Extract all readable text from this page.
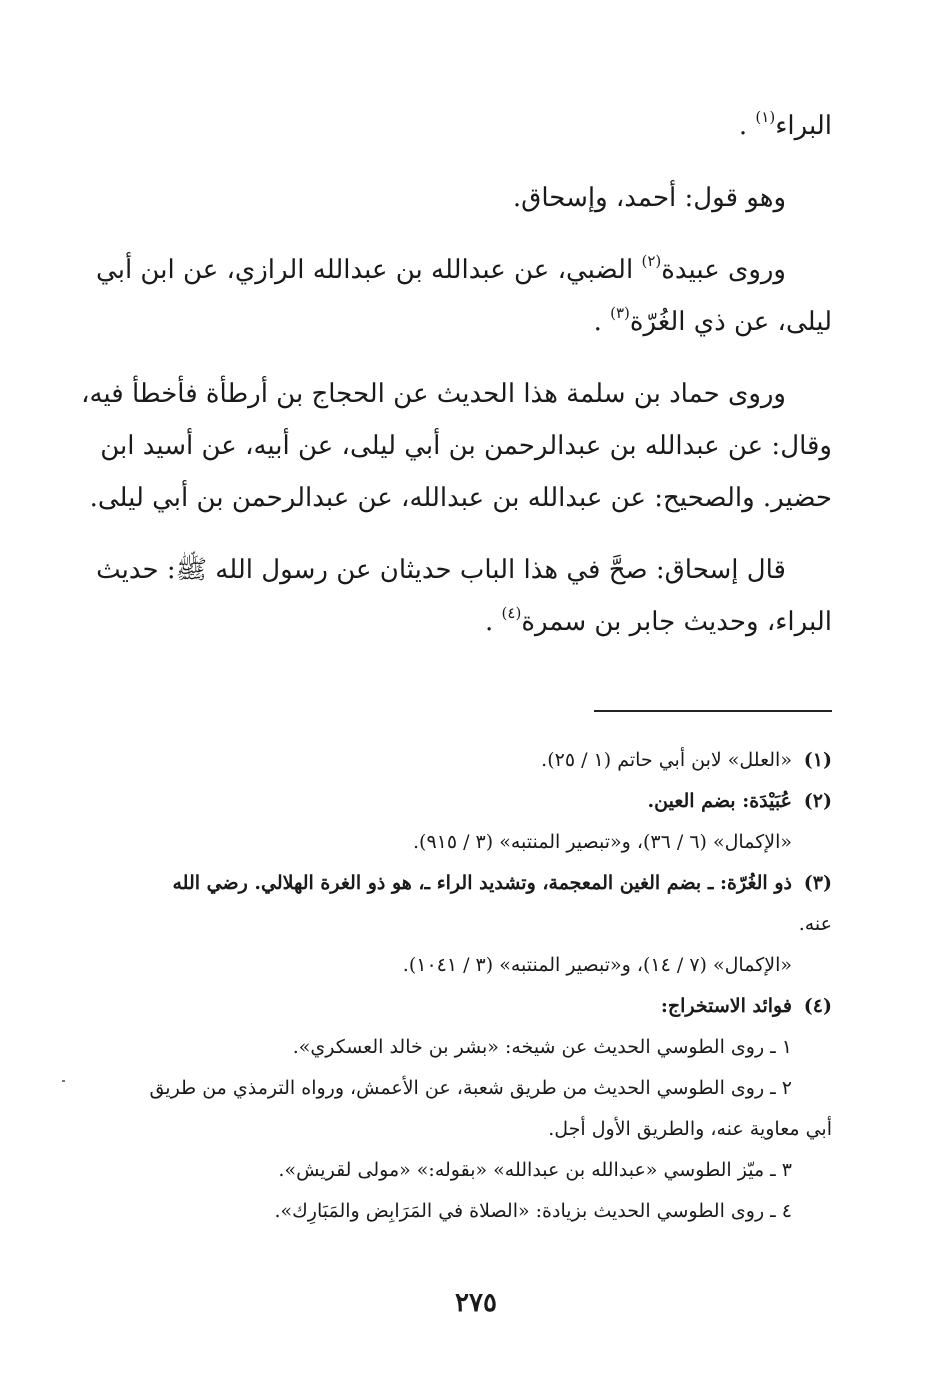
البراء$^{(١)}$ .
وهو قول: أحمد، وإسحاق.
وروى عبيدة$^{(٢)}$ الضبي، عن عبدالله بن عبدالله الرازي، عن ابن أبي
ليلى، عن ذي الغُرّة$^{(٣)}$ .
وروى حماد بن سلمة هذا الحديث عن الحجاج بن أرطأة فأخطأ فيه،
وقال: عن عبدالله بن عبدالرحمن بن أبي ليلى، عن أبيه، عن أسيد ابن
حضير. والصحيح: عن عبدالله بن عبدالله، عن عبدالرحمن بن أبي ليلى.
قال إسحاق: صحَّ في هذا الباب حديثان عن رسول الله ﷺ: حديث
البراء، وحديث جابر بن سمرة$^{(٤)}$ .
(١) «العلل» لابن أبي حاتم (١ / ٢٥).
(٢) عُبَيْدَة: بضم العين.
«الإكمال» (٦ / ٣٦)، و«تبصير المنتبه» (٣ / ٩١٥).
(٣) ذو الغُرّة: ـ بضم الغين المعجمة، وتشديد الراء ـ، هو ذو الغرة الهلالي. رضي الله
عنه.
«الإكمال» (٧ / ١٤)، و«تبصير المنتبه» (٣ / ١٠٤١).
(٤) فوائد الاستخراج:
١ ـ روى الطوسي الحديث عن شيخه: «بشر بن خالد العسكري».
٢ ـ روى الطوسي الحديث من طريق شعبة، عن الأعمش، ورواه الترمذي من طريق
أبي معاوية عنه، والطريق الأول أجل.
٣ ـ ميّز الطوسي «عبدالله بن عبدالله» «بقوله:» «مولى لقريش».
٤ ـ روى الطوسي الحديث بزيادة: «الصلاة في المَرَابِض والمَبَارِك».
٢٧٥
